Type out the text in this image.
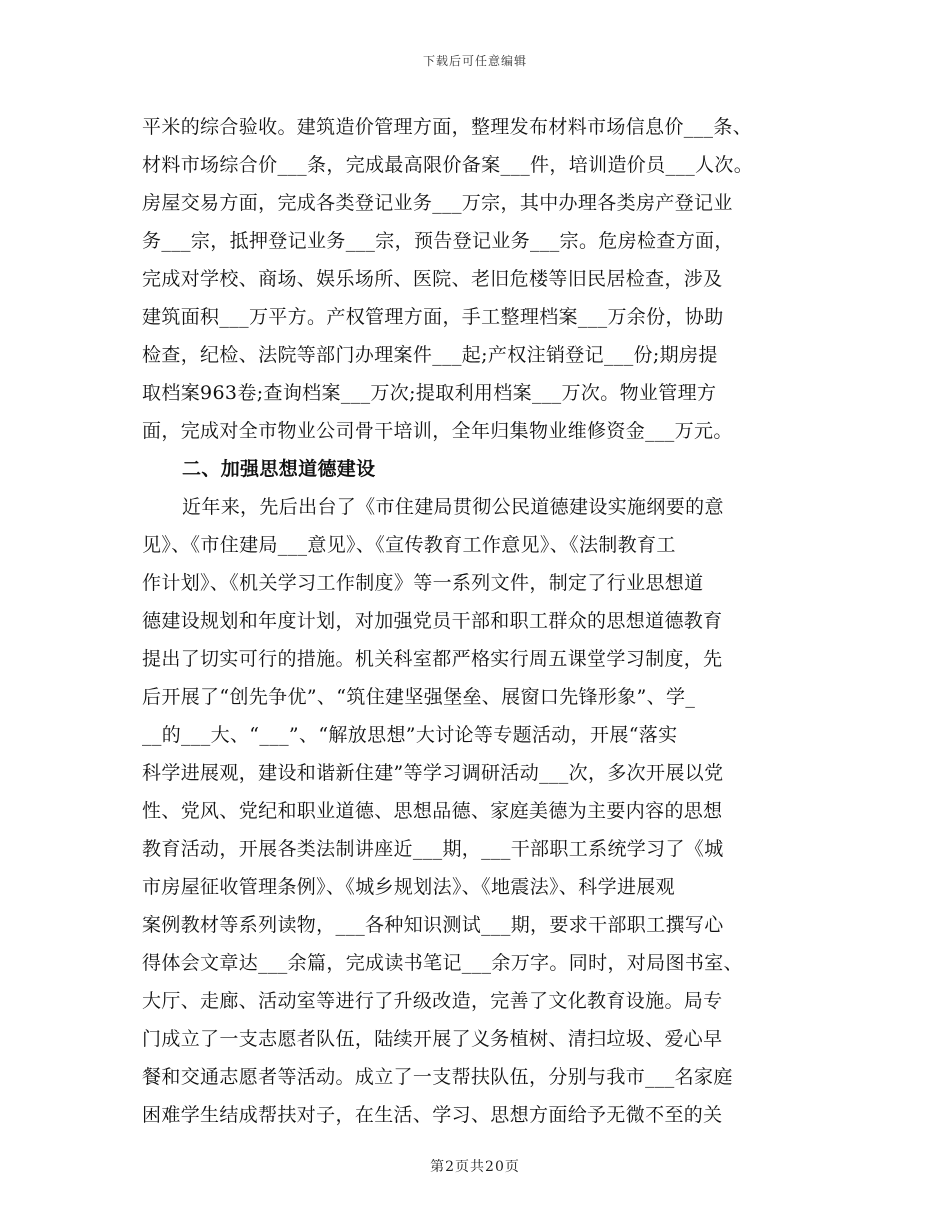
下载后可任意编辑
平米的综合验收。建筑造价管理方面，整理发布材料市场信息价___条、
材料市场综合价___条，完成最高限价备案___件，培训造价员___人次。
房屋交易方面，完成各类登记业务___万宗，其中办理各类房产登记业
务___宗，抵押登记业务___宗，预告登记业务___宗。危房检查方面，
完成对学校、商场、娱乐场所、医院、老旧危楼等旧民居检查，涉及
建筑面积___万平方。产权管理方面，手工整理档案___万余份，协助
检查，纪检、法院等部门办理案件___起;产权注销登记___份;期房提
取档案963卷;查询档案___万次;提取利用档案___万次。物业管理方
面，完成对全市物业公司骨干培训，全年归集物业维修资金___万元。
二、加强思想道德建设
近年来，先后出台了《市住建局贯彻公民道德建设实施纲要的意
见》、《市住建局___意见》、《宣传教育工作意见》、《法制教育工
作计划》、《机关学习工作制度》等一系列文件，制定了行业思想道
德建设规划和年度计划，对加强党员干部和职工群众的思想道德教育
提出了切实可行的措施。机关科室都严格实行周五课堂学习制度，先
后开展了“创先争优”、“筑住建坚强堡垒、展窗口先锋形象”、学_
__的___大、“___”、“解放思想”大讨论等专题活动，开展“落实
科学进展观，建设和谐新住建”等学习调研活动___次，多次开展以党
性、党风、党纪和职业道德、思想品德、家庭美德为主要内容的思想
教育活动，开展各类法制讲座近___期，___干部职工系统学习了《城
市房屋征收管理条例》、《城乡规划法》、《地震法》、科学进展观
案例教材等系列读物，___各种知识测试___期，要求干部职工撰写心
得体会文章达___余篇，完成读书笔记___余万字。同时，对局图书室、
大厅、走廊、活动室等进行了升级改造，完善了文化教育设施。局专
门成立了一支志愿者队伍，陆续开展了义务植树、清扫垃圾、爱心早
餐和交通志愿者等活动。成立了一支帮扶队伍，分别与我市___名家庭
困难学生结成帮扶对子，在生活、学习、思想方面给予无微不至的关
第2页共20页
